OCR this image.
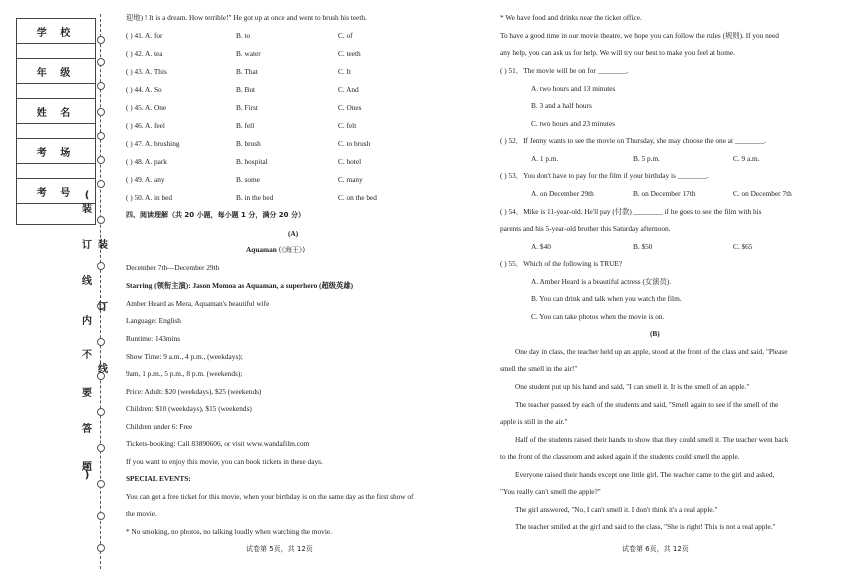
学 校
年 级
姓 名
考 场
考 号 (
装
订 装
线
订
内
不
线
要
答
题
)
迎地) ! It is a dream. How terrible!" He got up at once and went to brush his teeth.
( ) 41. A. for	B. to	C. of
( ) 42. A. tea	B. water	C. teeth
( ) 43. A. This	B. That	C. It
( ) 44. A. So	B. But	C. And
( ) 45. A. One	B. First	C. Ones
( ) 46. A. feel	B. fell	C. felt
( ) 47. A. brushing	B. brush	C. to brush
( ) 48. A. park	B. hospital	C. hotel
( ) 49. A. any	B. some	C. many
( ) 50. A. in bed	B. in the bed	C. on the bed
四、阅读理解（共 20 小题，每小题 1 分，满分 20 分）
(A)
Aquaman (《海王》)
December 7th—December 29th
Starring (领衔主演): Jason Momoa as Aquaman, a superhero (超级英雄)
Amber Heard as Mera, Aquaman's beautiful wife
Language: English
Runtime: 143mins
Show Time: 9 a.m., 4 p.m., (weekdays);
9am, 1 p.m., 5 p.m., 8 p.m. (weekends);
Price: Adult: $20 (weekdays), $25 (weekends)
Children: $10 (weekdays), $15 (weekends)
Children under 6: Free
Tickets-booking: Call 83890606, or visit www.wandafilm.com
If you want to enjoy this movie, you can book tickets in these days.
SPECIAL EVENTS:
You can get a free ticket for this movie, when your birthday is on the same day as the first show of
the movie.
* No smoking, no photos, no talking loudly when watching the movie.
试卷第 5页，共 12页
* We have food and drinks near the ticket office.
To have a good time in our movie theatre, we hope you can follow the rules (规则). If you need
any help, you can ask us for help. We will try our best to make you feel at home.
( ) 51．The movie will be on for ________.
A. two hours and 13 minutes
B. 3 and a half hours
C. two hours and 23 minutes
( ) 52．If Jenny wants to see the movie on Thursday, she may choose the one at ________.
A. 1 p.m.	B. 5 p.m.	C. 9 a.m.
( ) 53．You don't have to pay for the film if your birthday is ________.
A. on December 29th	B. on December 17th	C. on December 7th
( ) 54．Mike is 11-year-old. He'll pay (付款) ________ if he goes to see the film with his
parents and his 5-year-old brother this Saturday afternoon.
A. $40	B. $50	C. $65
( ) 55．Which of the following is TRUE?
A. Amber Heard is a beautiful actress (女演员).
B. You can drink and talk when you watch the film.
C. You can take photos when the movie is on.
(B)
One day in class, the teacher held up an apple, stood at the front of the class and said, "Please
smell the smell in the air!"
One student put up his hand and said, "I can smell it. It is the smell of an apple."
The teacher passed by each of the students and said, "Smell again to see if the smell of the
apple is still in the air."
Half of the students raised their hands to show that they could smell it. The teacher went back
to the front of the classroom and asked again if the students could smell the apple.
Everyone raised their hands except one little girl. The teacher came to the girl and asked,
"You really can't smell the apple?"
The girl answered, "No, I can't smell it. I don't think it's a real apple."
The teacher smiled at the girl and said to the class, "She is right! This is not a real apple."
试卷第 6页，共 12页
